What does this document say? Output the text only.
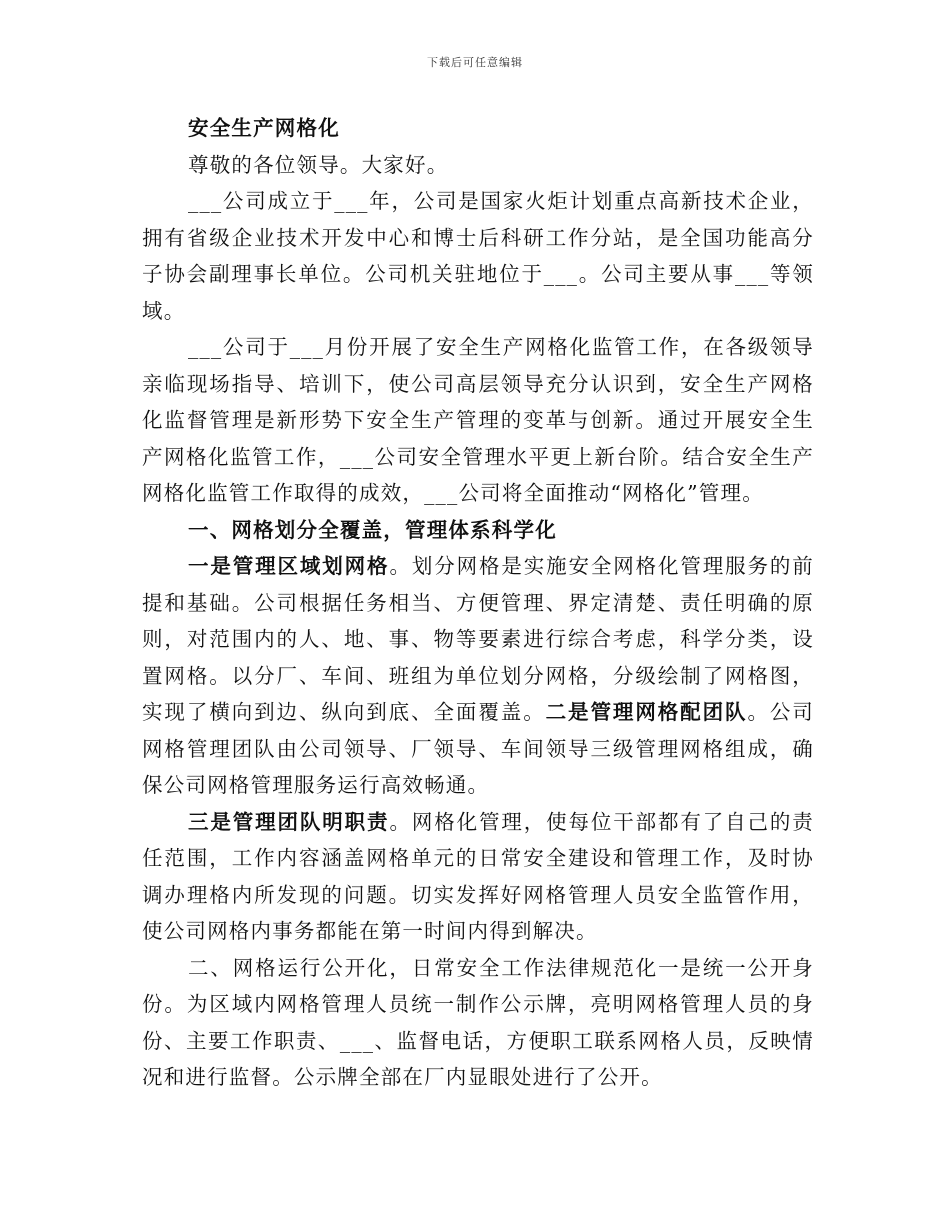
下载后可任意编辑
安全生产网格化
尊敬的各位领导。大家好。
___公司成立于___年，公司是国家火炬计划重点高新技术企业，
拥有省级企业技术开发中心和博士后科研工作分站，是全国功能高分
子协会副理事长单位。公司机关驻地位于___。公司主要从事___等领
域。
___公司于___月份开展了安全生产网格化监管工作，在各级领导
亲临现场指导、培训下，使公司高层领导充分认识到，安全生产网格
化监督管理是新形势下安全生产管理的变革与创新。通过开展安全生
产网格化监管工作，___公司安全管理水平更上新台阶。结合安全生产
网格化监管工作取得的成效，___公司将全面推动“网格化”管理。
一、网格划分全覆盖，管理体系科学化
一是管理区域划网格。划分网格是实施安全网格化管理服务的前
提和基础。公司根据任务相当、方便管理、界定清楚、责任明确的原
则，对范围内的人、地、事、物等要素进行综合考虑，科学分类，设
置网格。以分厂、车间、班组为单位划分网格，分级绘制了网格图，
实现了横向到边、纵向到底、全面覆盖。二是管理网格配团队。公司
网格管理团队由公司领导、厂领导、车间领导三级管理网格组成，确
保公司网格管理服务运行高效畅通。
三是管理团队明职责。网格化管理，使每位干部都有了自己的责
任范围，工作内容涵盖网格单元的日常安全建设和管理工作，及时协
调办理格内所发现的问题。切实发挥好网格管理人员安全监管作用，
使公司网格内事务都能在第一时间内得到解决。
二、网格运行公开化，日常安全工作法律规范化一是统一公开身
份。为区域内网格管理人员统一制作公示牌，亮明网格管理人员的身
份、主要工作职责、___、监督电话，方便职工联系网格人员，反映情
况和进行监督。公示牌全部在厂内显眼处进行了公开。
